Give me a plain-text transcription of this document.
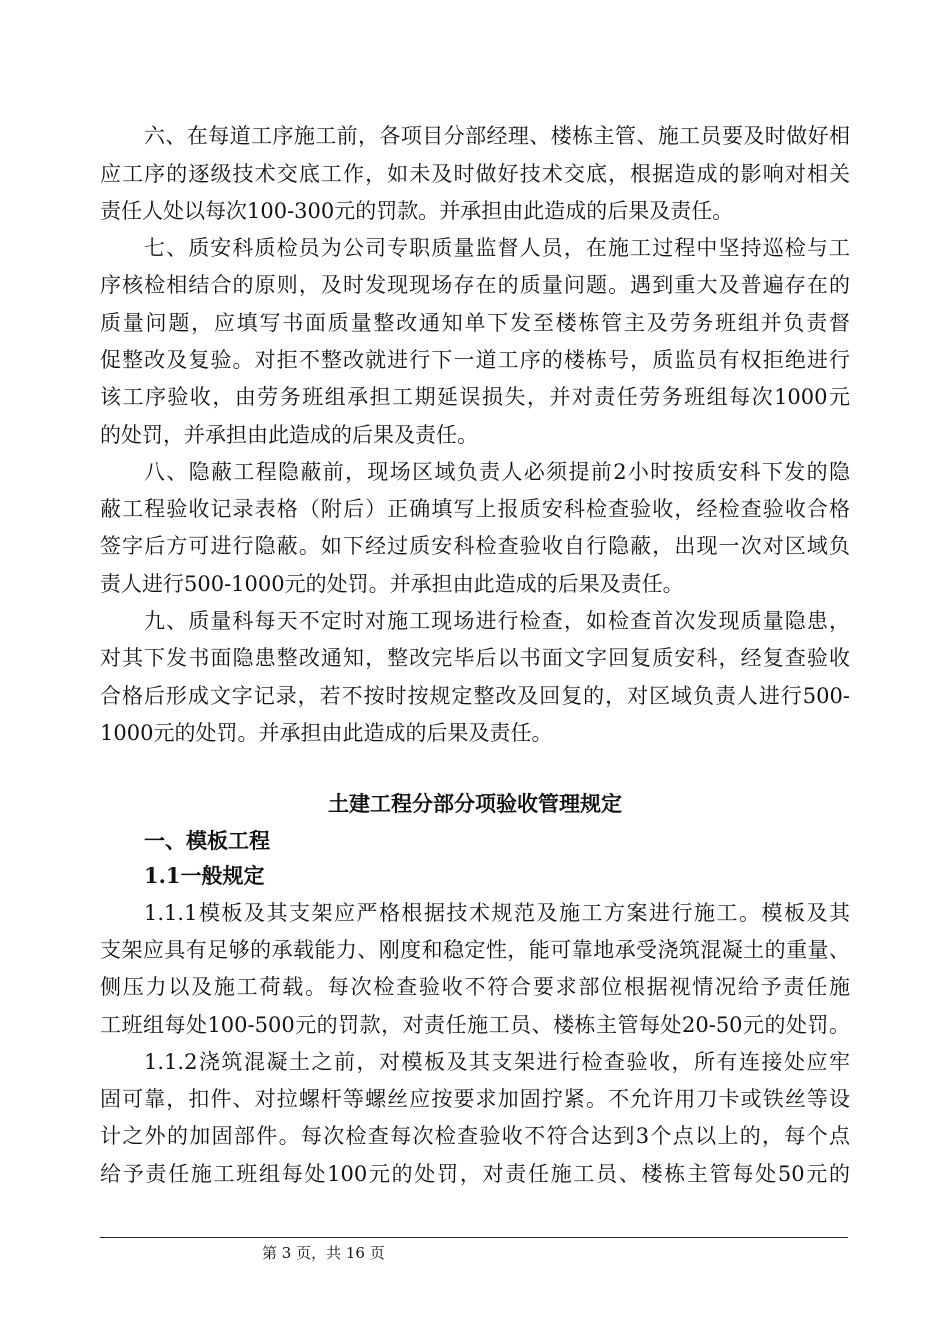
六、在每道工序施工前，各项目分部经理、楼栋主管、施工员要及时做好相
应工序的逐级技术交底工作，如未及时做好技术交底，根据造成的影响对相关
责任人处以每次100-300元的罚款。并承担由此造成的后果及责任。
七、质安科质检员为公司专职质量监督人员，在施工过程中坚持巡检与工
序核检相结合的原则，及时发现现场存在的质量问题。遇到重大及普遍存在的
质量问题，应填写书面质量整改通知单下发至楼栋管主及劳务班组并负责督
促整改及复验。对拒不整改就进行下一道工序的楼栋号，质监员有权拒绝进行
该工序验收，由劳务班组承担工期延误损失，并对责任劳务班组每次1000元
的处罚，并承担由此造成的后果及责任。
八、隐蔽工程隐蔽前，现场区域负责人必须提前2小时按质安科下发的隐
蔽工程验收记录表格（附后）正确填写上报质安科检查验收，经检查验收合格
签字后方可进行隐蔽。如下经过质安科检查验收自行隐蔽，出现一次对区域负
责人进行500-1000元的处罚。并承担由此造成的后果及责任。
九、质量科每天不定时对施工现场进行检查，如检查首次发现质量隐患，
对其下发书面隐患整改通知，整改完毕后以书面文字回复质安科，经复查验收
合格后形成文字记录，若不按时按规定整改及回复的，对区域负责人进行500-
1000元的处罚。并承担由此造成的后果及责任。
土建工程分部分项验收管理规定
一、模板工程
1.1一般规定
1.1.1模板及其支架应严格根据技术规范及施工方案进行施工。模板及其
支架应具有足够的承载能力、刚度和稳定性，能可靠地承受浇筑混凝土的重量、
侧压力以及施工荷载。每次检查验收不符合要求部位根据视情况给予责任施
工班组每处100-500元的罚款，对责任施工员、楼栋主管每处20-50元的处罚。
1.1.2浇筑混凝土之前，对模板及其支架进行检查验收，所有连接处应牢
固可靠，扣件、对拉螺杆等螺丝应按要求加固拧紧。不允许用刀卡或铁丝等设
计之外的加固部件。每次检查每次检查验收不符合达到3个点以上的，每个点
给予责任施工班组每处100元的处罚，对责任施工员、楼栋主管每处50元的
第 3 页，共 16 页
